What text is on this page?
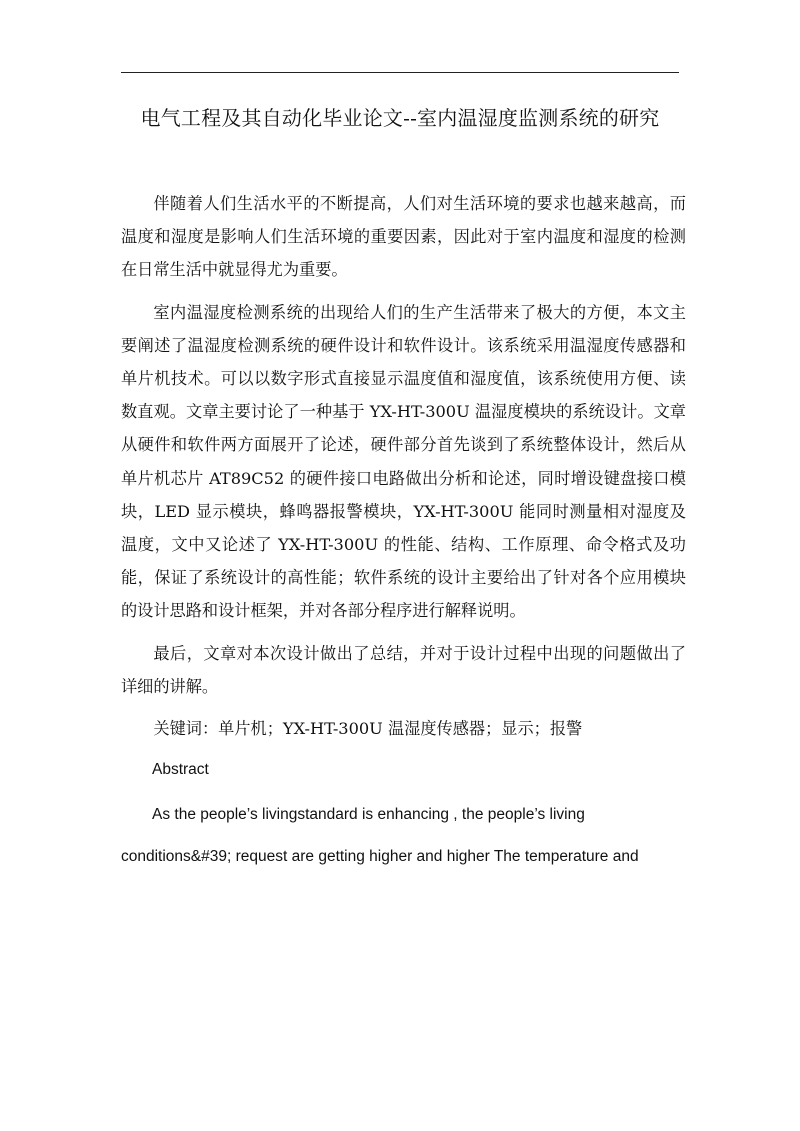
电气工程及其自动化毕业论文--室内温湿度监测系统的研究

伴随着人们生活水平的不断提高，人们对生活环境的要求也越来越高，而温度和湿度是影响人们生活环境的重要因素，因此对于室内温度和湿度的检测在日常生活中就显得尤为重要。

室内温湿度检测系统的出现给人们的生产生活带来了极大的方便，本文主要阐述了温湿度检测系统的硬件设计和软件设计。该系统采用温湿度传感器和单片机技术。可以以数字形式直接显示温度值和湿度值，该系统使用方便、读数直观。文章主要讨论了一种基于 YX-HT-300U 温湿度模块的系统设计。文章从硬件和软件两方面展开了论述，硬件部分首先谈到了系统整体设计，然后从单片机芯片 AT89C52 的硬件接口电路做出分析和论述，同时增设键盘接口模块，LED 显示模块，蜂鸣器报警模块，YX-HT-300U 能同时测量相对湿度及温度，文中又论述了 YX-HT-300U 的性能、结构、工作原理、命令格式及功能，保证了系统设计的高性能；软件系统的设计主要给出了针对各个应用模块的设计思路和设计框架，并对各部分程序进行解释说明。

最后，文章对本次设计做出了总结，并对于设计过程中出现的问题做出了详细的讲解。

关键词：单片机；YX-HT-300U 温湿度传感器；显示；报警

Abstract

As the people’s livingstandard is enhancing , the people’s living conditions&#39; request are getting higher and higher The temperature and
